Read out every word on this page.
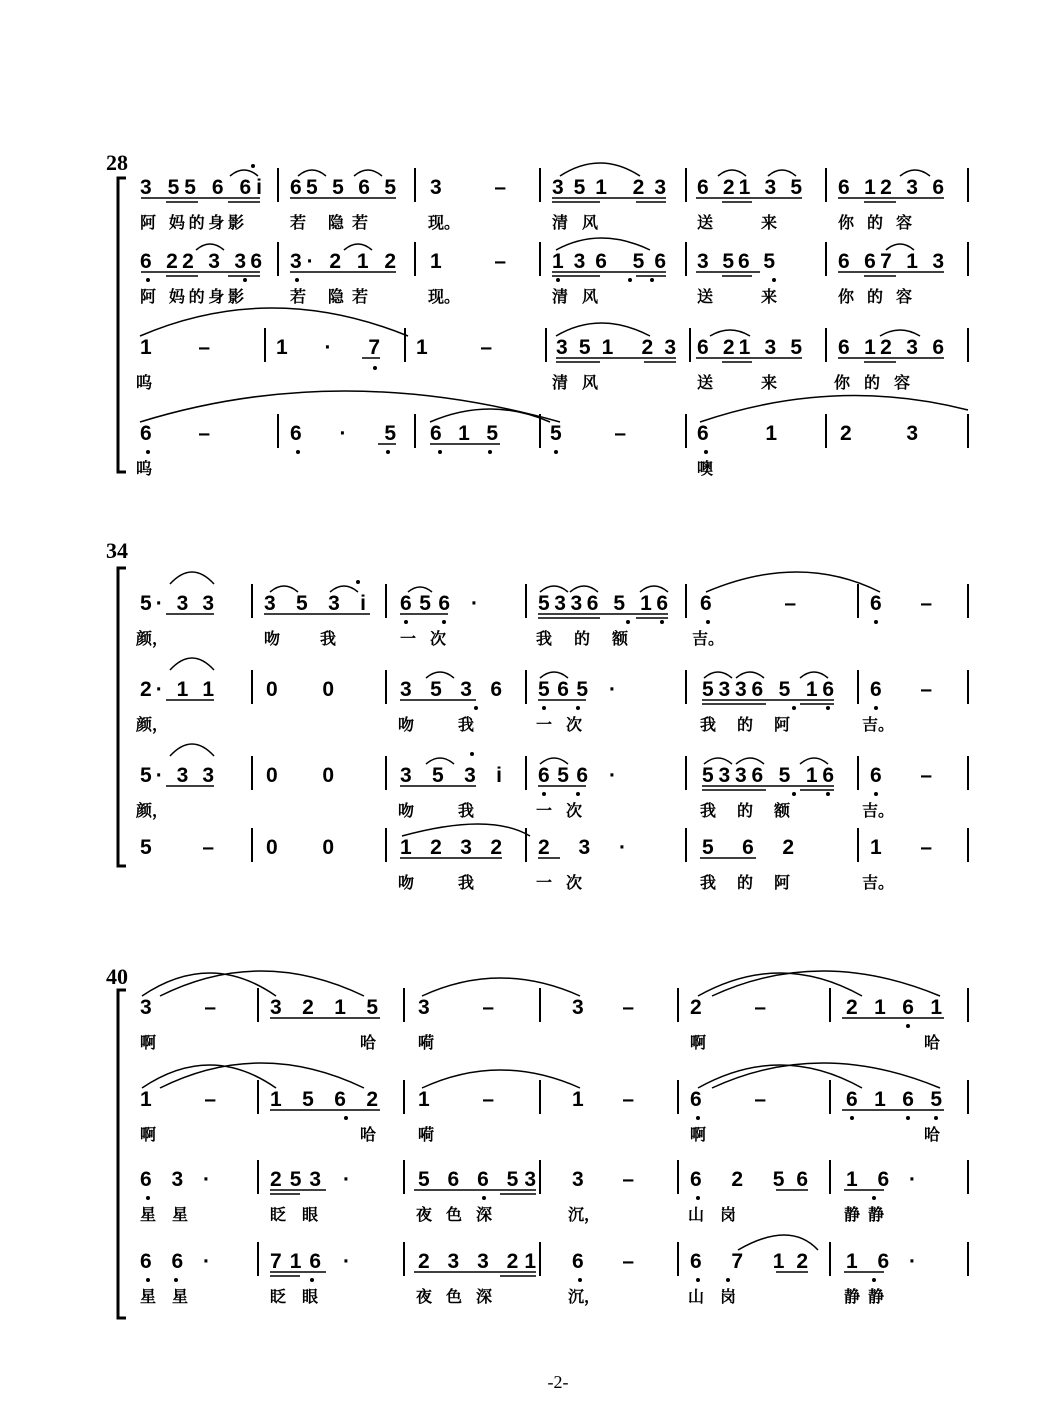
28
3 55 6 6i 65 5 6 5 3 – 351 23 6 21 3 5 6 12 3 6
6 22 3 36 3· 2 1 2 1 – 136 56 3 56 5	6 67 1 3
1 –	1 · 7 1 –	351 23 6 21 3 5 6 12 3 6
6 –	6 · 5 6 1 5 5 –	6 1	2 3
阿 妈的身影	若 隐若	现。	清 风	送 来	你 的 容
阿 妈的身影	若 隐若	现。	清 风	送 来	你 的 容
呜	清 风	送 来	你 的 容
呜	噢
34
5· 3 3 3 5 3 i 656 ·	5336 5 16 6 –	6 –
2· 1 1 0 0	3 5 3 6 565 ·	5336 5 16 6 –
5· 3 3 0 0	3 5 3 i 656 ·	5336 5 16 6 –
5 – 0 0	1 2 3 2 2 3 ·	5 6 2	1 –
颜，	吻 我	一 次	我 的 额	吉。
颜，	吻 我	一 次	我 的 阿	吉。
颜，	吻 我	一 次	我 的 额	吉。
吻 我	一 次	我 的 阿	吉。
40
3 –	3 2 1 5 3 –	3 –	2 –	2 1 6 1
1 –	1 5 6 2 1 –	1 –	6 –	6 1 6 5
6 3 ·	253 ·	5 6 6 53 3 –	6 2 56 1 6 ·
6 6 ·	716 ·	2 3 3 21 6 –	6 7 12 1 6 ·
啊	哈	嗬	啊	哈
啊	哈	嗬	啊	哈
星 星	眨 眼	夜 色 深	沉，	山 岗	静 静
星 星	眨 眼	夜 色 深	沉，	山 岗	静 静
-2-
